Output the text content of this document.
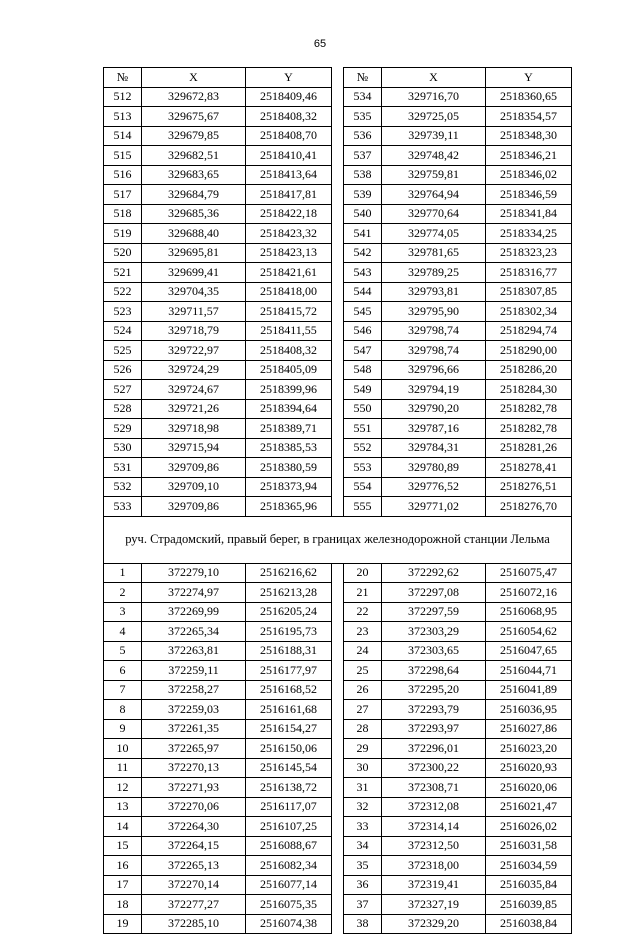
65
№	X	Y		№	X	Y
512	329672,83	2518409,46		534	329716,70	2518360,65
513	329675,67	2518408,32		535	329725,05	2518354,57
514	329679,85	2518408,70		536	329739,11	2518348,30
515	329682,51	2518410,41		537	329748,42	2518346,21
516	329683,65	2518413,64		538	329759,81	2518346,02
517	329684,79	2518417,81		539	329764,94	2518346,59
518	329685,36	2518422,18		540	329770,64	2518341,84
519	329688,40	2518423,32		541	329774,05	2518334,25
520	329695,81	2518423,13		542	329781,65	2518323,23
521	329699,41	2518421,61		543	329789,25	2518316,77
522	329704,35	2518418,00		544	329793,81	2518307,85
523	329711,57	2518415,72		545	329795,90	2518302,34
524	329718,79	2518411,55		546	329798,74	2518294,74
525	329722,97	2518408,32		547	329798,74	2518290,00
526	329724,29	2518405,09		548	329796,66	2518286,20
527	329724,67	2518399,96		549	329794,19	2518284,30
528	329721,26	2518394,64		550	329790,20	2518282,78
529	329718,98	2518389,71		551	329787,16	2518282,78
530	329715,94	2518385,53		552	329784,31	2518281,26
531	329709,86	2518380,59		553	329780,89	2518278,41
532	329709,10	2518373,94		554	329776,52	2518276,51
533	329709,86	2518365,96		555	329771,02	2518276,70
руч. Страдомский, правый берег, в границах железнодорожной станции Лельма						
1	372279,10	2516216,62		20	372292,62	2516075,47
2	372274,97	2516213,28		21	372297,08	2516072,16
3	372269,99	2516205,24		22	372297,59	2516068,95
4	372265,34	2516195,73		23	372303,29	2516054,62
5	372263,81	2516188,31		24	372303,65	2516047,65
6	372259,11	2516177,97		25	372298,64	2516044,71
7	372258,27	2516168,52		26	372295,20	2516041,89
8	372259,03	2516161,68		27	372293,79	2516036,95
9	372261,35	2516154,27		28	372293,97	2516027,86
10	372265,97	2516150,06		29	372296,01	2516023,20
11	372270,13	2516145,54		30	372300,22	2516020,93
12	372271,93	2516138,72		31	372308,71	2516020,06
13	372270,06	2516117,07		32	372312,08	2516021,47
14	372264,30	2516107,25		33	372314,14	2516026,02
15	372264,15	2516088,67		34	372312,50	2516031,58
16	372265,13	2516082,34		35	372318,00	2516034,59
17	372270,14	2516077,14		36	372319,41	2516035,84
18	372277,27	2516075,35		37	372327,19	2516039,85
19	372285,10	2516074,38		38	372329,20	2516038,84
